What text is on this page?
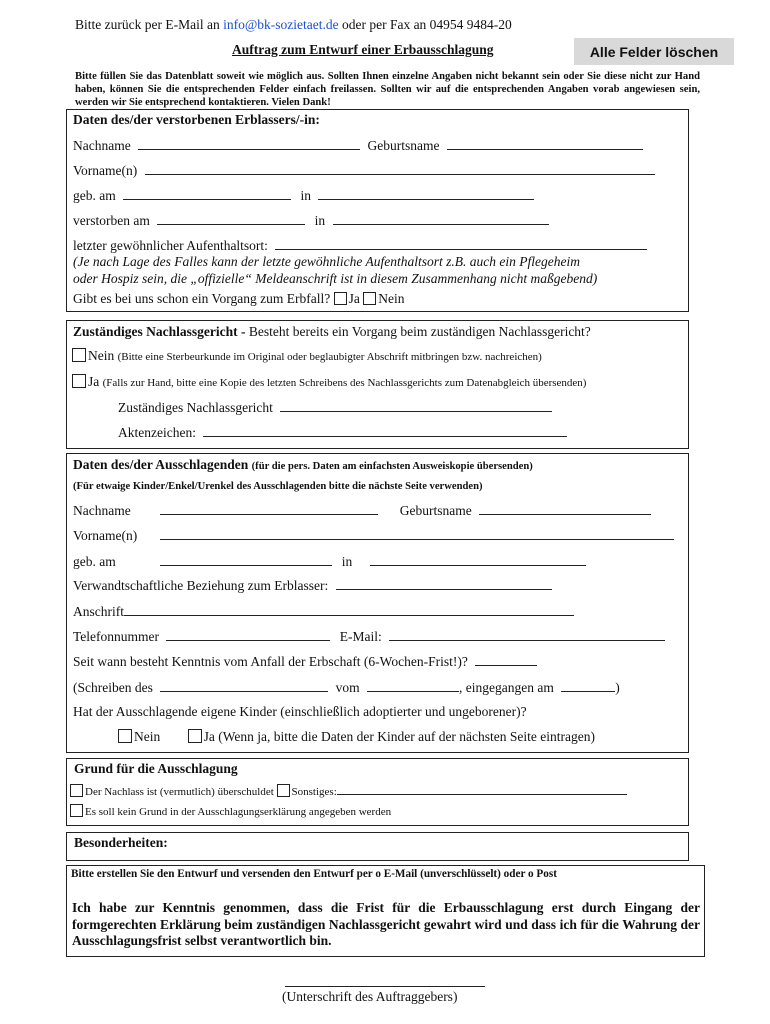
Bitte zurück per E-Mail an info@bk-sozietaet.de oder per Fax an 04954 9484-20
Auftrag zum Entwurf einer Erbausschlagung	Alle Felder löschen
Bitte füllen Sie das Datenblatt soweit wie möglich aus. Sollten Ihnen einzelne Angaben nicht bekannt sein oder Sie diese nicht zur Hand haben, können Sie die entsprechenden Felder einfach freilassen. Sollten wir auf die entsprechenden Angaben vorab angewiesen sein, werden wir Sie entsprechend kontaktieren. Vielen Dank!
Daten des/der verstorbenen Erblassers/-in:
Nachname	Geburtsname
Vorname(n)
geb. am	in
verstorben am	in
letzter gewöhnlicher Aufenthaltsort:
(Je nach Lage des Falles kann der letzte gewöhnliche Aufenthaltsort z.B. auch ein Pflegeheim
oder Hospiz sein, die „offizielle“ Meldeanschrift ist in diesem Zusammenhang nicht maßgebend)
Gibt es bei uns schon ein Vorgang zum Erbfall? Ja Nein
Zuständiges Nachlassgericht - Besteht bereits ein Vorgang beim zuständigen Nachlassgericht?
Nein (Bitte eine Sterbeurkunde im Original oder beglaubigter Abschrift mitbringen bzw. nachreichen)
Ja (Falls zur Hand, bitte eine Kopie des letzten Schreibens des Nachlassgerichts zum Datenabgleich übersenden)
Zuständiges Nachlassgericht
Aktenzeichen:
Daten des/der Ausschlagenden (für die pers. Daten am einfachsten Ausweiskopie übersenden)
(Für etwaige Kinder/Enkel/Urenkel des Ausschlagenden bitte die nächste Seite verwenden)
Nachname	Geburtsname
Vorname(n)
geb. am	in
Verwandtschaftliche Beziehung zum Erblasser:
Anschrift
Telefonnummer	E-Mail:
Seit wann besteht Kenntnis vom Anfall der Erbschaft (6-Wochen-Frist!)?
(Schreiben des	vom	, eingegangen am	)
Hat der Ausschlagende eigene Kinder (einschließlich adoptierter und ungeborener)?
Nein	Ja (Wenn ja, bitte die Daten der Kinder auf der nächsten Seite eintragen)
Grund für die Ausschlagung
Der Nachlass ist (vermutlich) überschuldet Sonstiges:
Es soll kein Grund in der Ausschlagungserklärung angegeben werden
Besonderheiten:
Bitte erstellen Sie den Entwurf und versenden den Entwurf per o E-Mail (unverschlüsselt) oder o Post
Ich habe zur Kenntnis genommen, dass die Frist für die Erbausschlagung erst durch Eingang der formgerechten Erklärung beim zuständigen Nachlassgericht gewahrt wird und dass ich für die Wahrung der Ausschlagungsfrist selbst verantwortlich bin.
(Unterschrift des Auftraggebers)
